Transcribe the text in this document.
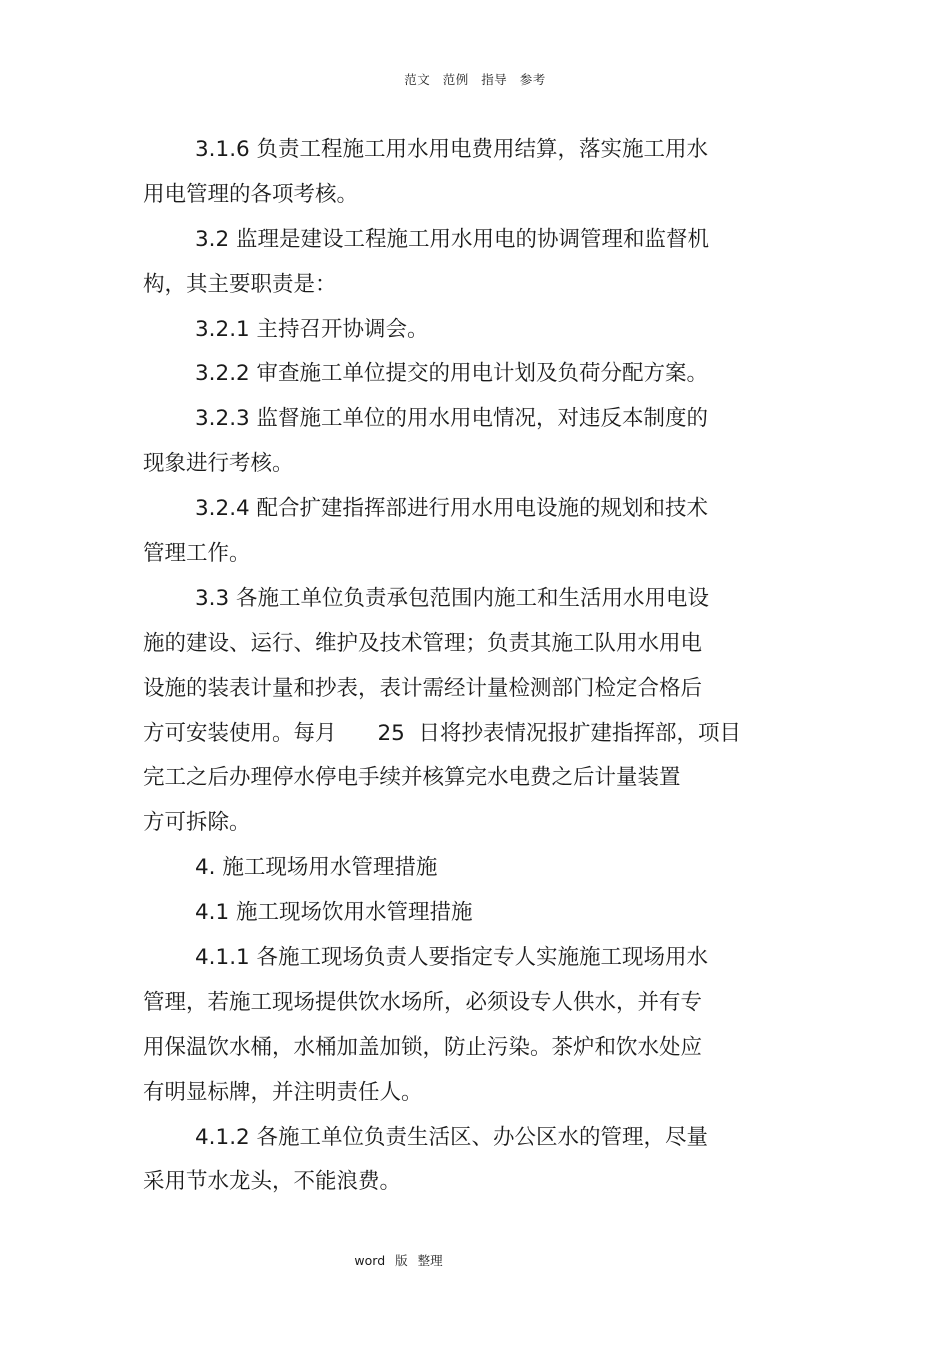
范文 范例 指导 参考
3.1.6 负责工程施工用水用电费用结算，落实施工用水
用电管理的各项考核。
3.2 监理是建设工程施工用水用电的协调管理和监督机
构，其主要职责是：
3.2.1 主持召开协调会。
3.2.2 审查施工单位提交的用电计划及负荷分配方案。
3.2.3 监督施工单位的用水用电情况，对违反本制度的
现象进行考核。
3.2.4 配合扩建指挥部进行用水用电设施的规划和技术
管理工作。
3.3 各施工单位负责承包范围内施工和生活用水用电设
施的建设、运行、维护及技术管理；负责其施工队用水用电
设施的装表计量和抄表，表计需经计量检测部门检定合格后
方可安装使用。每月      25  日将抄表情况报扩建指挥部，项目
完工之后办理停水停电手续并核算完水电费之后计量装置
方可拆除。
4. 施工现场用水管理措施
4.1 施工现场饮用水管理措施
4.1.1 各施工现场负责人要指定专人实施施工现场用水
管理，若施工现场提供饮水场所，必须设专人供水，并有专
用保温饮水桶，水桶加盖加锁，防止污染。茶炉和饮水处应
有明显标牌，并注明责任人。
4.1.2 各施工单位负责生活区、办公区水的管理，尽量
采用节水龙头，不能浪费。
word 版 整理
